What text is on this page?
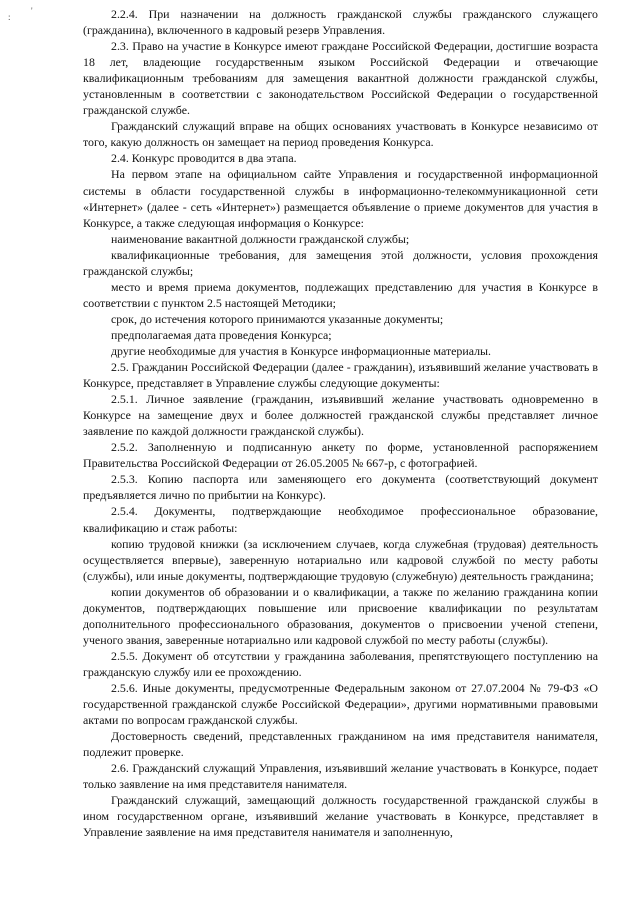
'
:	2.2.4. При назначении на должность гражданской службы гражданского служащего (гражданина), включенного в кадровый резерв Управления.

2.3. Право на участие в Конкурсе имеют граждане Российской Федерации, достигшие возраста 18 лет, владеющие государственным языком Российской Федерации и отвечающие квалификационным требованиям для замещения вакантной должности гражданской службы, установленным в соответствии с законодательством Российской Федерации о государственной гражданской службе.

Гражданский служащий вправе на общих основаниях участвовать в Конкурсе независимо от того, какую должность он замещает на период проведения Конкурса.

2.4. Конкурс проводится в два этапа.

На первом этапе на официальном сайте Управления и государственной информационной системы в области государственной службы в информационно-телекоммуникационной сети «Интернет» (далее - сеть «Интернет») размещается объявление о приеме документов для участия в Конкурсе, а также следующая информация о Конкурсе:

наименование вакантной должности гражданской службы;

квалификационные требования, для замещения этой должности, условия прохождения гражданской службы;

место и время приема документов, подлежащих представлению для участия в Конкурсе в соответствии с пунктом 2.5 настоящей Методики;

срок, до истечения которого принимаются указанные документы;

предполагаемая дата проведения Конкурса;

другие необходимые для участия в Конкурсе информационные материалы.

2.5. Гражданин Российской Федерации (далее - гражданин), изъявивший желание участвовать в Конкурсе, представляет в Управление службы следующие документы:

2.5.1. Личное заявление (гражданин, изъявивший желание участвовать одновременно в Конкурсе на замещение двух и более должностей гражданской службы представляет личное заявление по каждой должности гражданской службы).

2.5.2. Заполненную и подписанную анкету по форме, установленной распоряжением Правительства Российской Федерации от 26.05.2005 № 667-р, с фотографией.

2.5.3. Копию паспорта или заменяющего его документа (соответствующий документ предъявляется лично по прибытии на Конкурс).

2.5.4. Документы, подтверждающие необходимое профессиональное образование, квалификацию и стаж работы:

копию трудовой книжки (за исключением случаев, когда служебная (трудовая) деятельность осуществляется впервые), заверенную нотариально или кадровой службой по месту работы (службы), или иные документы, подтверждающие трудовую (служебную) деятельность гражданина;

копии документов об образовании и о квалификации, а также по желанию гражданина копии документов, подтверждающих повышение или присвоение квалификации по результатам дополнительного профессионального образования, документов о присвоении ученой степени, ученого звания, заверенные нотариально или кадровой службой по месту работы (службы).

2.5.5. Документ об отсутствии у гражданина заболевания, препятствующего поступлению на гражданскую службу или ее прохождению.

2.5.6. Иные документы, предусмотренные Федеральным законом от 27.07.2004 № 79-ФЗ «О государственной гражданской службе Российской Федерации», другими нормативными правовыми актами по вопросам гражданской службы.

Достоверность сведений, представленных гражданином на имя представителя нанимателя, подлежит проверке.

2.6. Гражданский служащий Управления, изъявивший желание участвовать в Конкурсе, подает только заявление на имя представителя нанимателя.

Гражданский служащий, замещающий должность государственной гражданской службы в ином государственном органе, изъявивший желание участвовать в Конкурсе, представляет в Управление заявление на имя представителя нанимателя и заполненную,
